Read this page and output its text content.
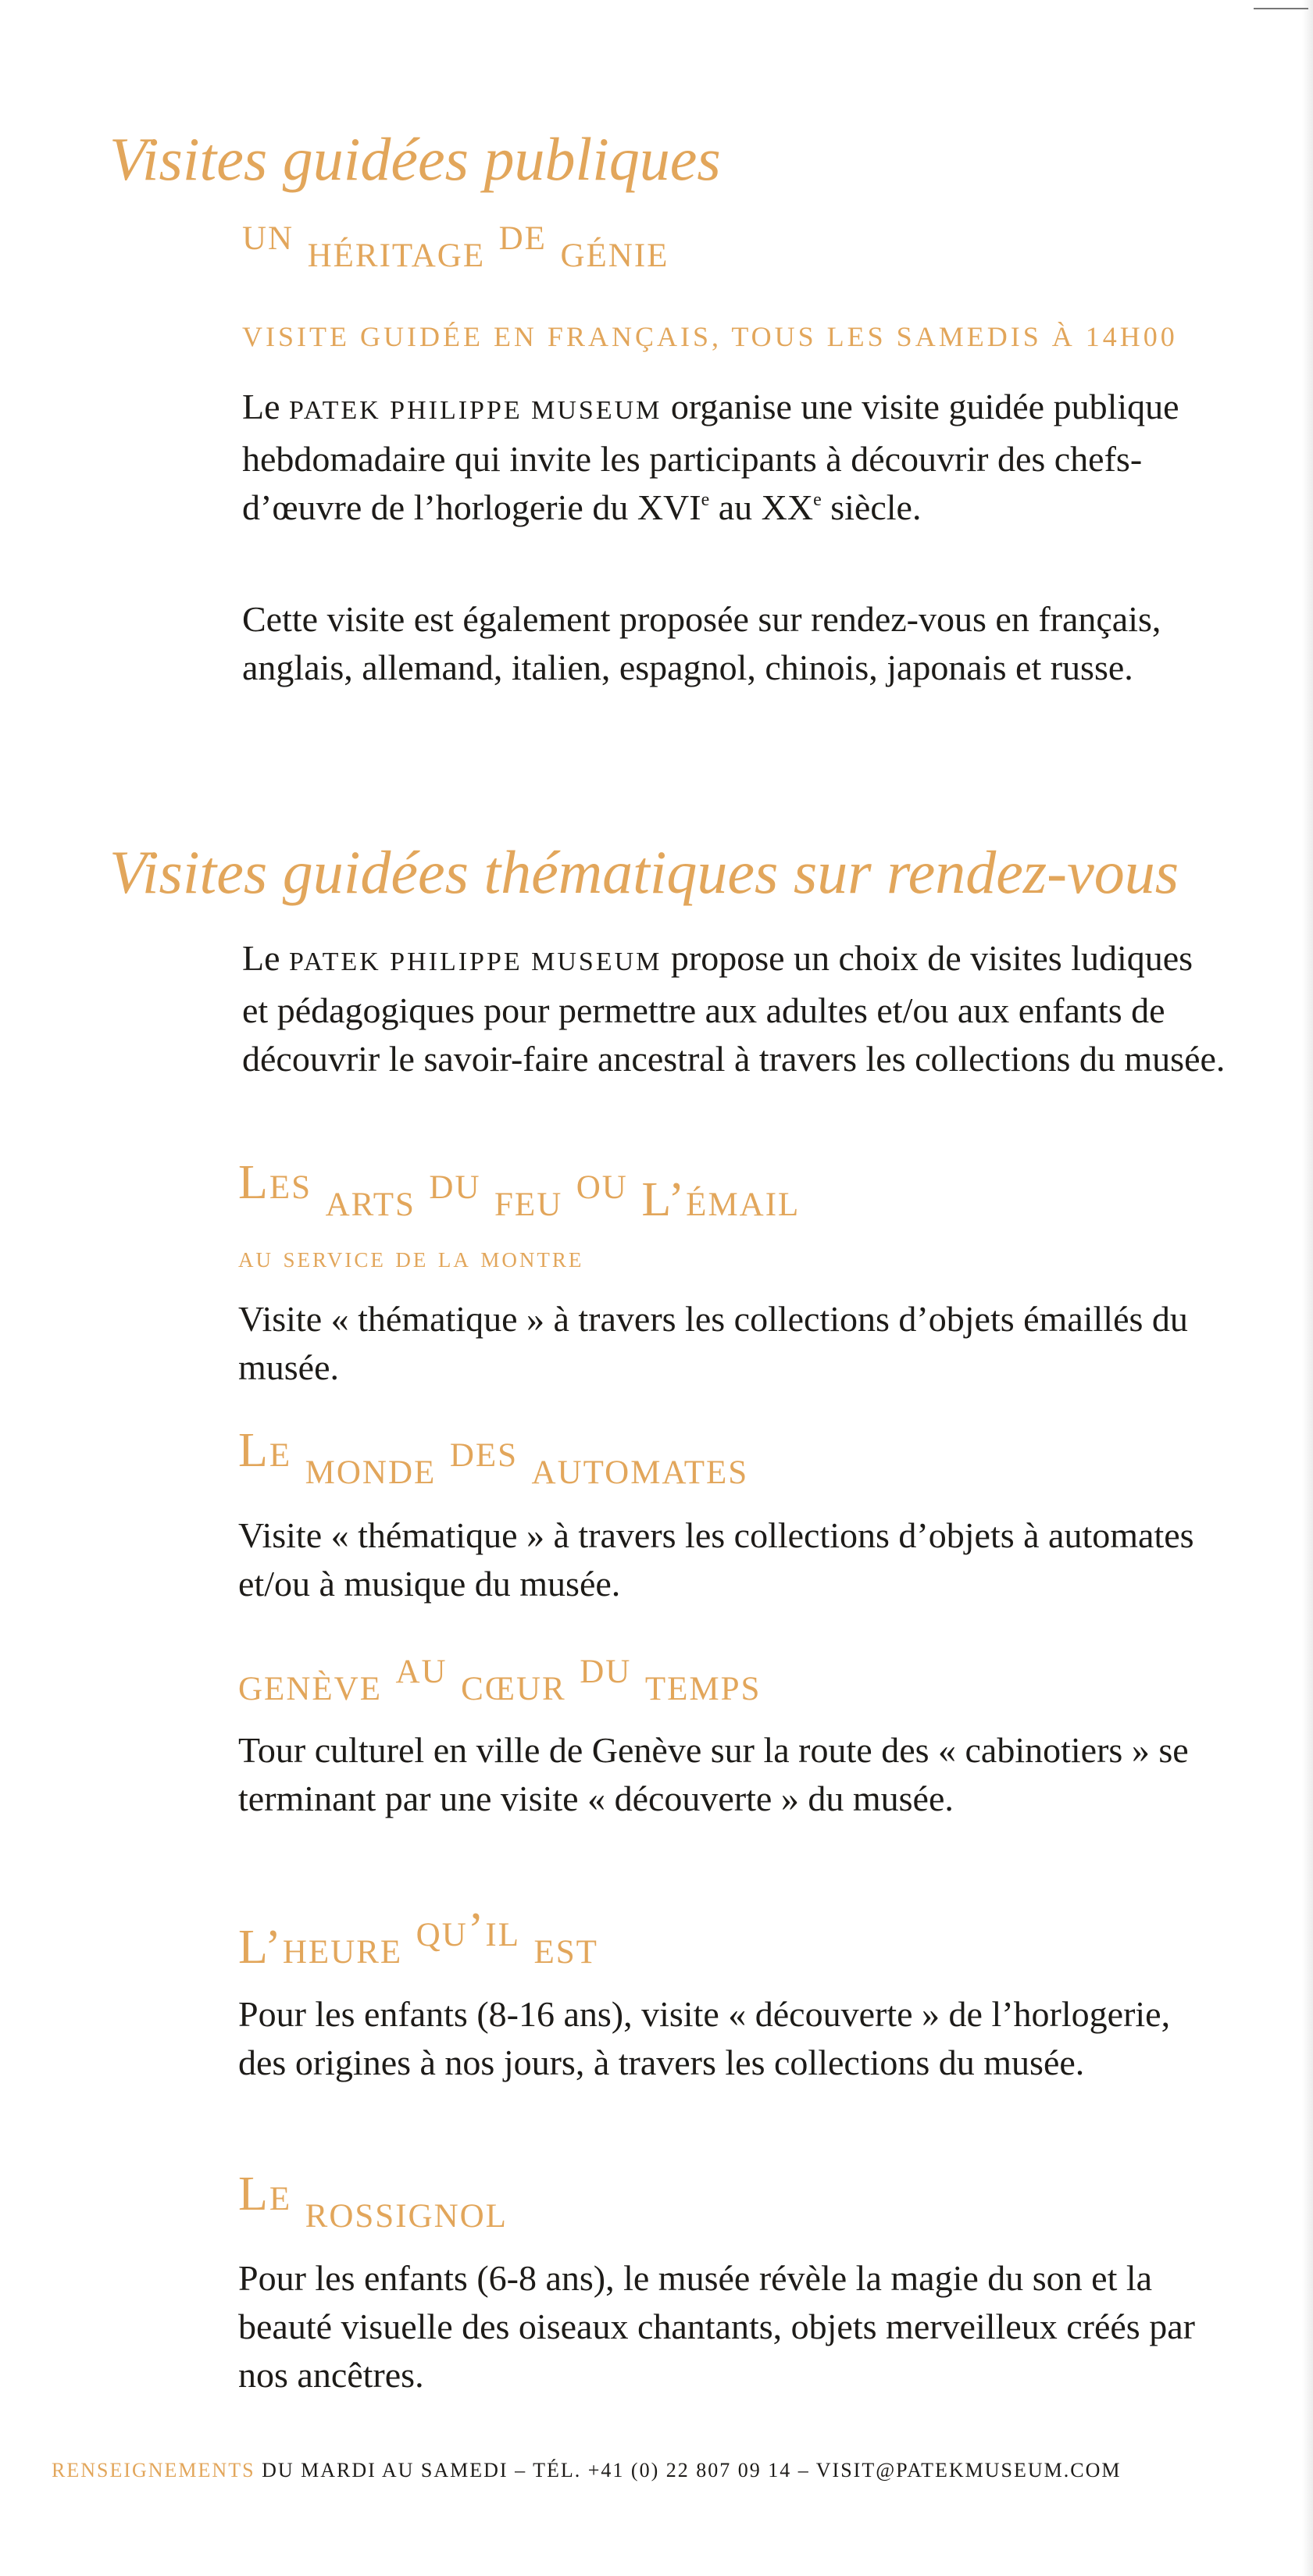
Visites guidées publiques
un héritage de génie

VISITE GUIDÉE EN FRANÇAIS, TOUS LES SAMEDIS À 14H00

Le PATEK PHILIPPE MUSEUM organise une visite guidée publique hebdomadaire qui invite les participants à découvrir des chefs-d’œuvre de l’horlogerie du XVIe au XXe siècle.

Cette visite est également proposée sur rendez-vous en français, anglais, allemand, italien, espagnol, chinois, japonais et russe.

Visites guidées thématiques sur rendez-vous

Le PATEK PHILIPPE MUSEUM propose un choix de visites ludiques et pédagogiques pour permettre aux adultes et/ou aux enfants de découvrir le savoir-faire ancestral à travers les collections du musée.

Les arts du feu ou L’émail

au service de la montre

Visite « thématique » à travers les collections d’objets émaillés du musée.

Le monde des automates

Visite « thématique » à travers les collections d’objets à automates et/ou à musique du musée.

genève au cœur du temps

Tour culturel en ville de Genève sur la route des « cabinotiers » se terminant par une visite « découverte » du musée.

L’heure qu’il est

Pour les enfants (8-16 ans), visite « découverte » de l’horlogerie, des origines à nos jours, à travers les collections du musée.

Le rossignol

Pour les enfants (6-8 ans), le musée révèle la magie du son et la beauté visuelle des oiseaux chantants, objets merveilleux créés par nos ancêtres.

RENSEIGNEMENTS DU MARDI AU SAMEDI – TÉL. +41 (0) 22 807 09 14 – VISIT@PATEKMUSEUM.COM
